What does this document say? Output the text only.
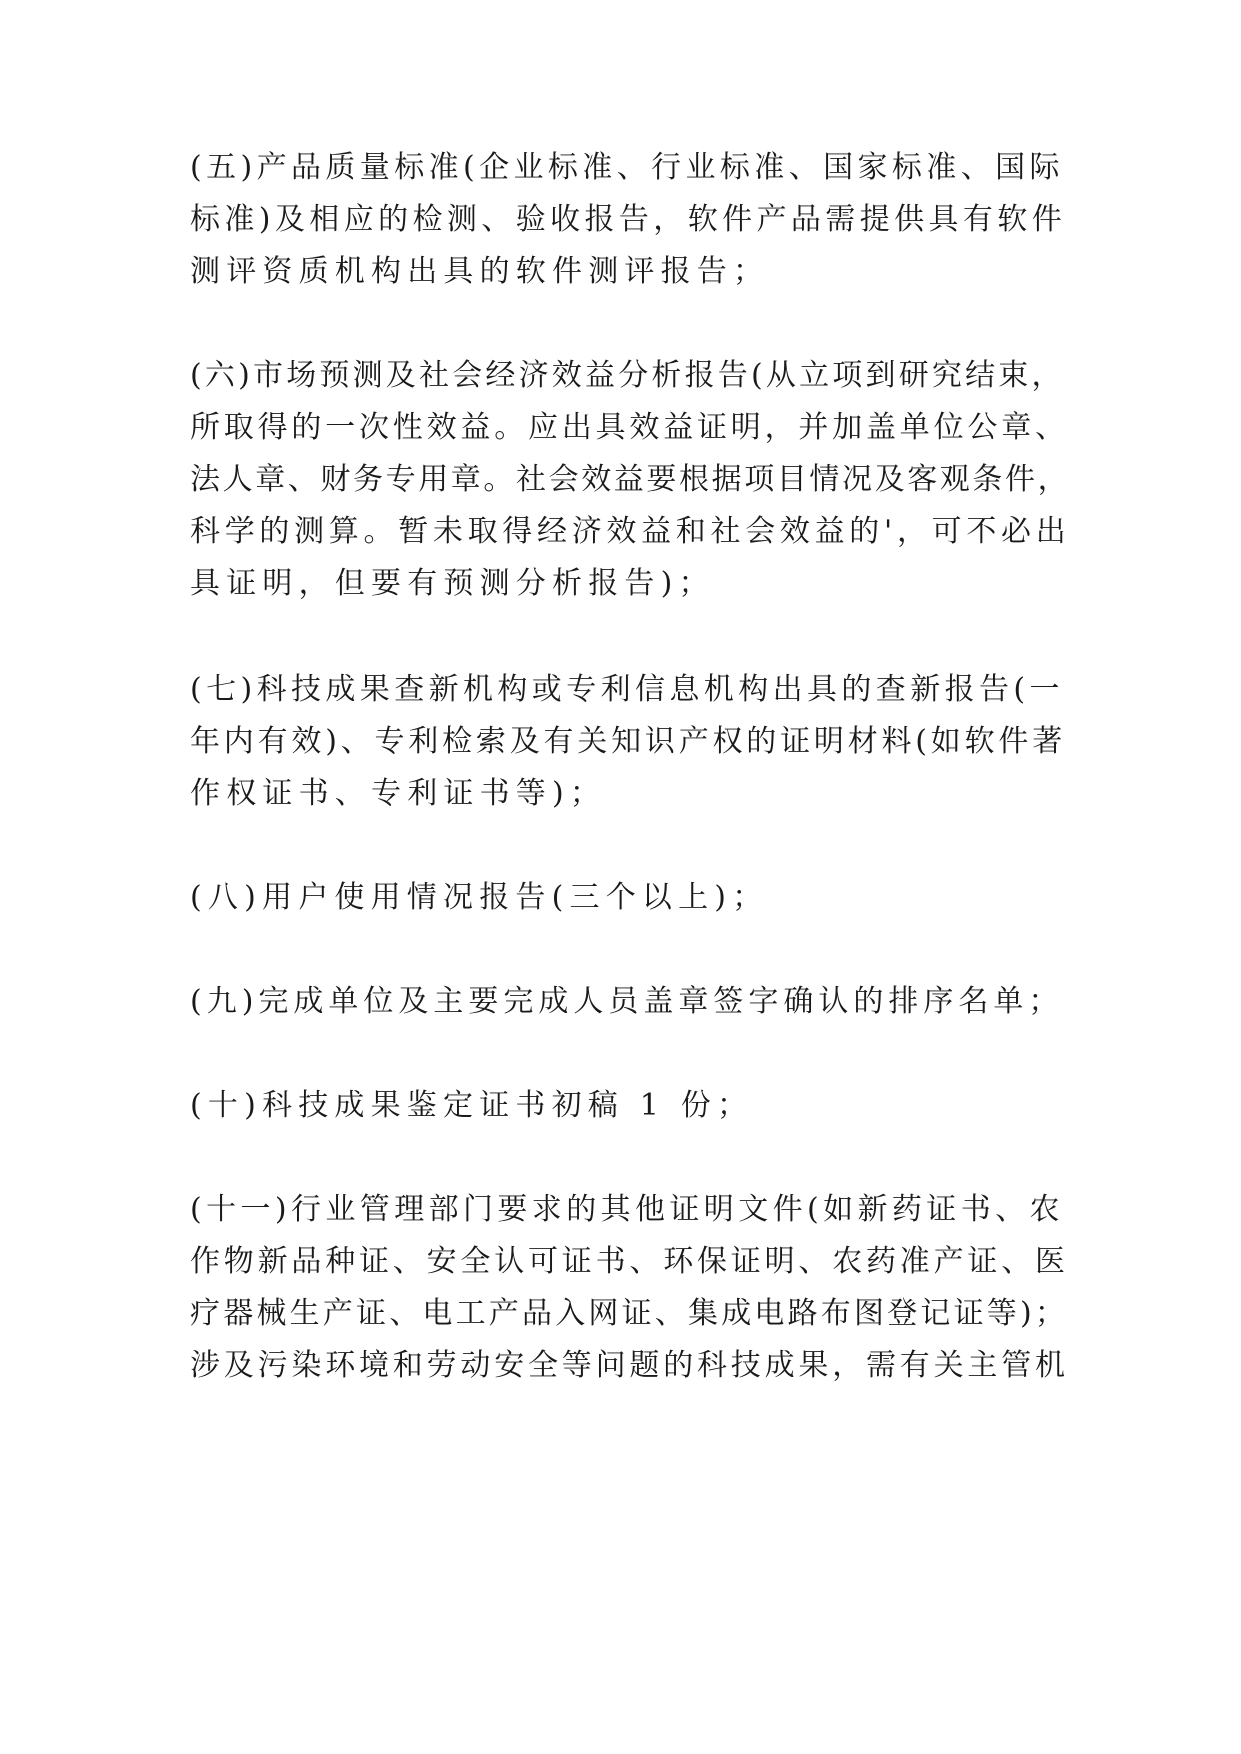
(五)产品质量标准(企业标准、行业标准、国家标准、国际
标准)及相应的检测、验收报告，软件产品需提供具有软件
测评资质机构出具的软件测评报告；
(六)市场预测及社会经济效益分析报告(从立项到研究结束，
所取得的一次性效益。应出具效益证明，并加盖单位公章、
法人章、财务专用章。社会效益要根据项目情况及客观条件，
科学的测算。暂未取得经济效益和社会效益的'，可不必出
具证明，但要有预测分析报告)；
(七)科技成果查新机构或专利信息机构出具的查新报告(一
年内有效)、专利检索及有关知识产权的证明材料(如软件著
作权证书、专利证书等)；
(八)用户使用情况报告(三个以上)；
(九)完成单位及主要完成人员盖章签字确认的排序名单；
(十)科技成果鉴定证书初稿 1 份；
(十一)行业管理部门要求的其他证明文件(如新药证书、农
作物新品种证、安全认可证书、环保证明、农药准产证、医
疗器械生产证、电工产品入网证、集成电路布图登记证等)；
涉及污染环境和劳动安全等问题的科技成果，需有关主管机
